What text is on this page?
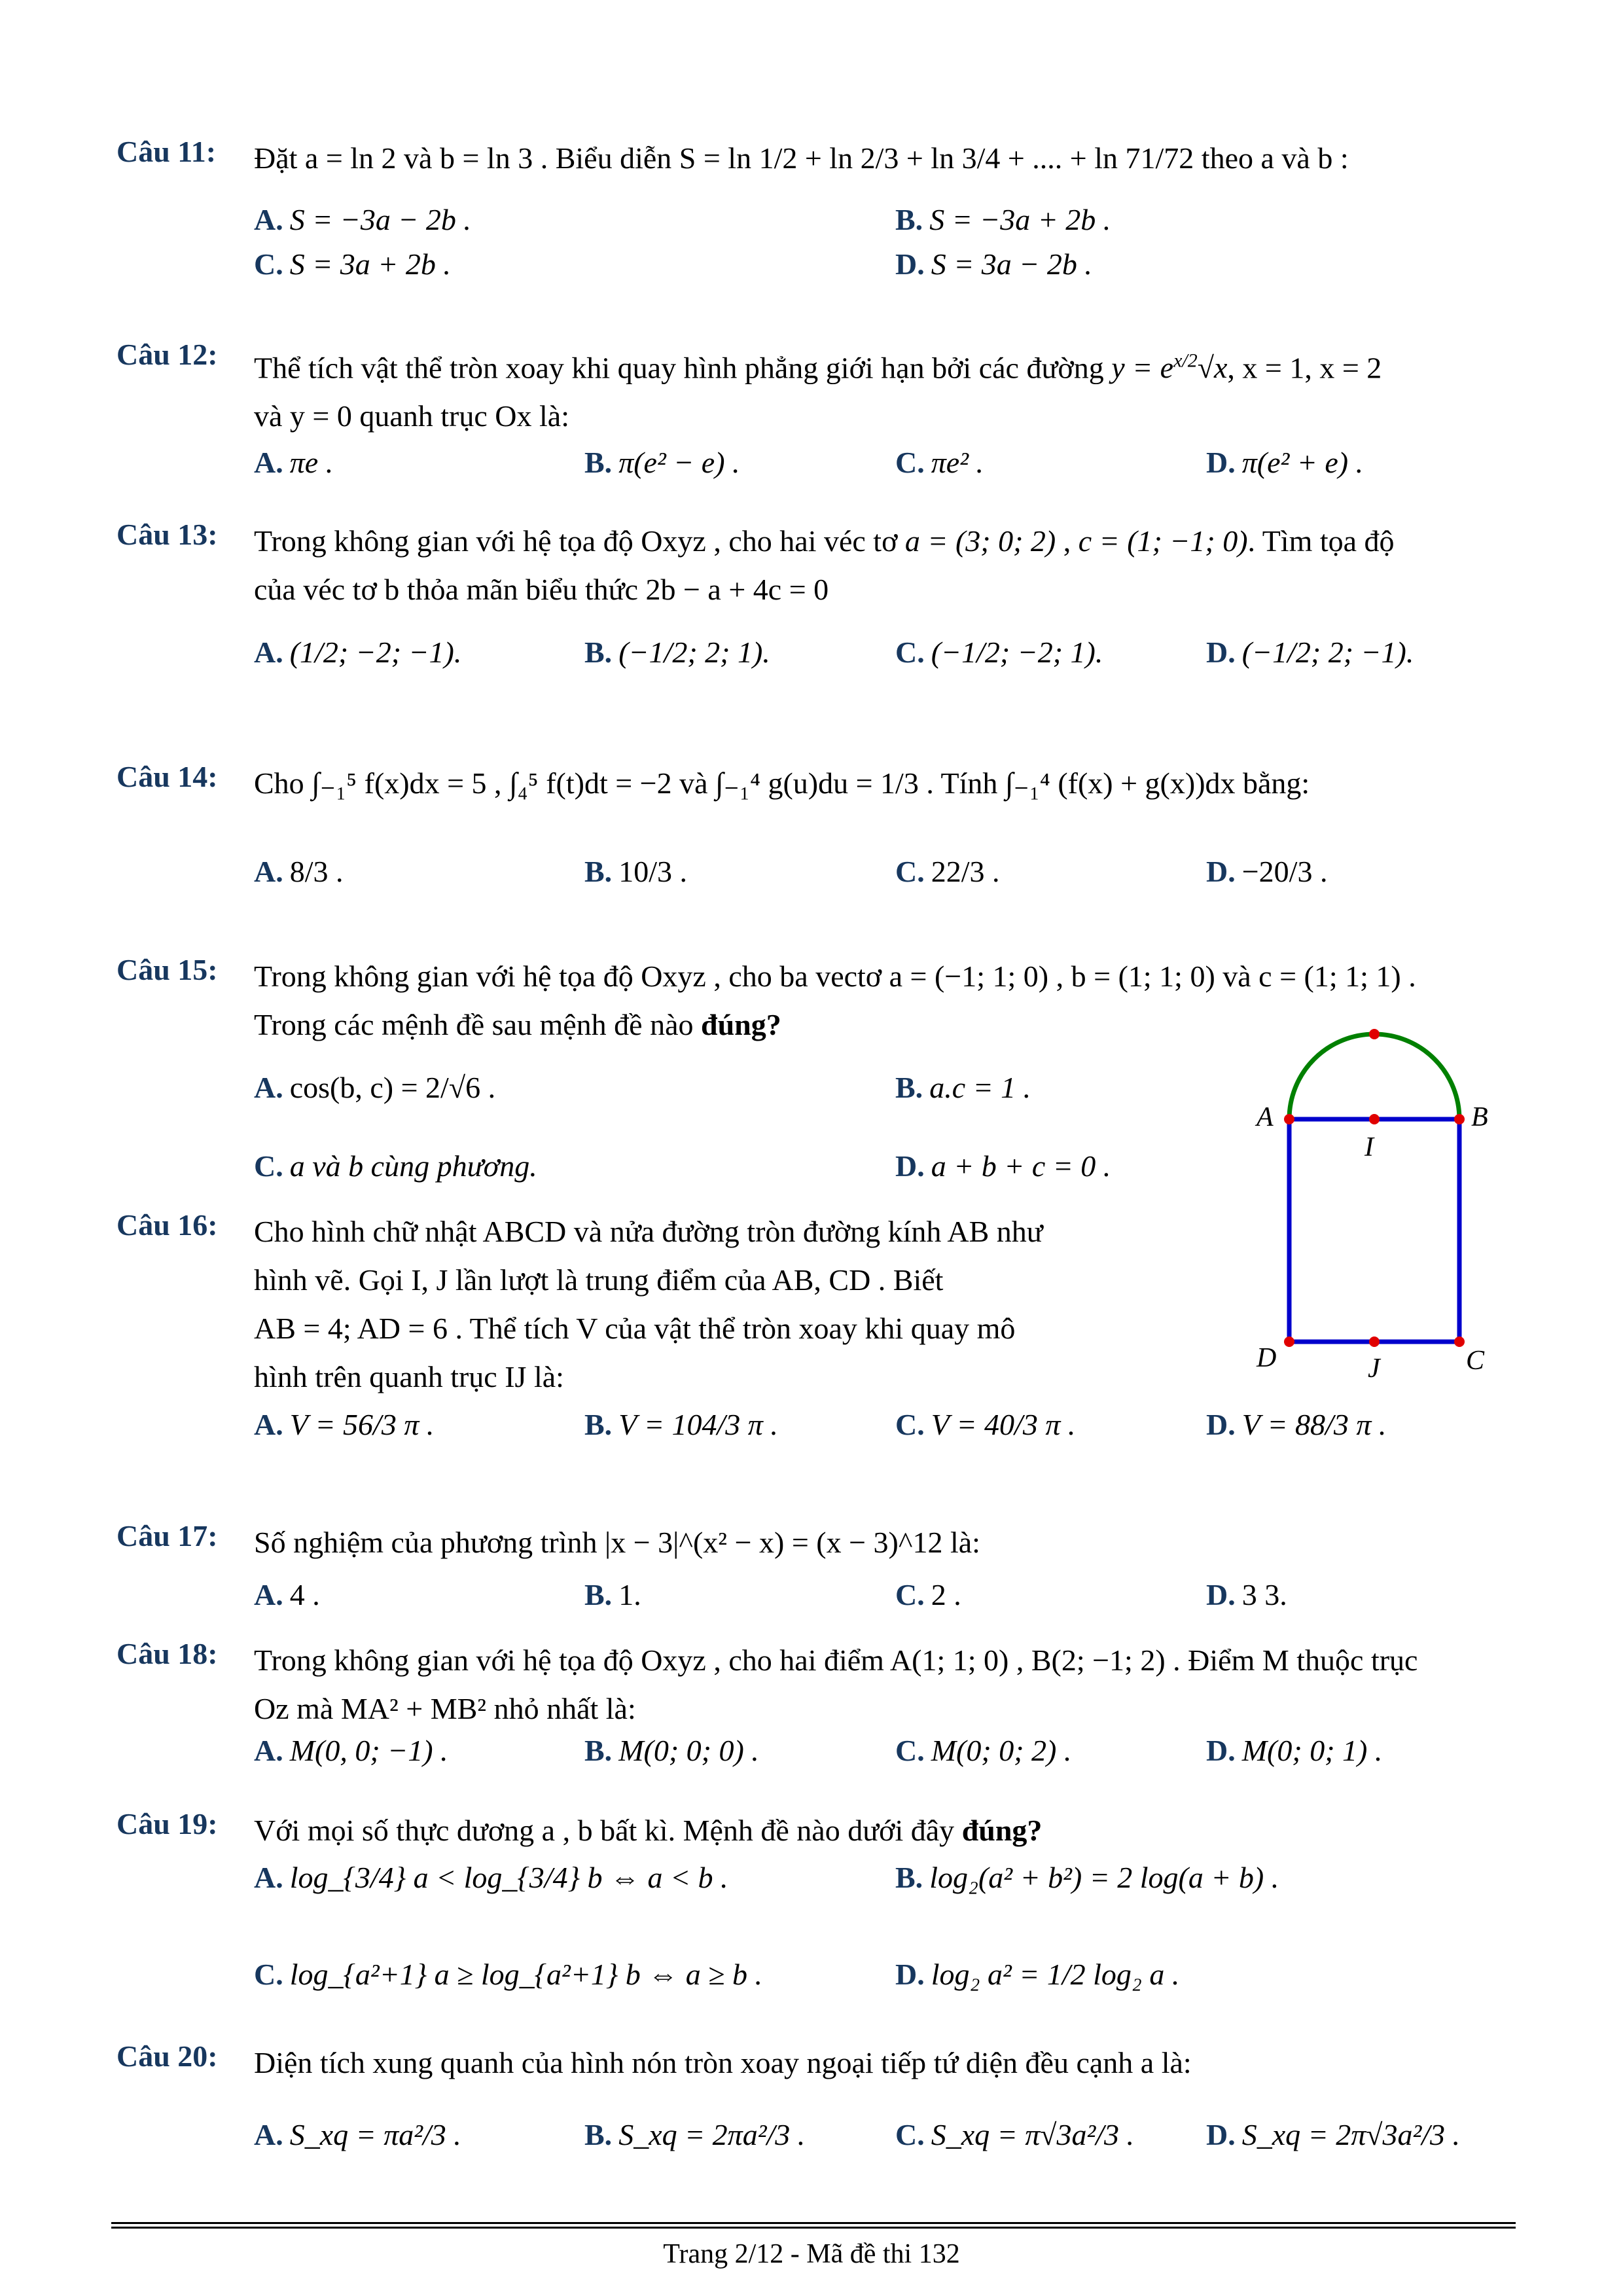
Câu 11: Đặt a = ln 2 và b = ln 3 . Biểu diễn S = ln 1/2 + ln 2/3 + ln 3/4 + .... + ln 71/72 theo a và b :
A. S = −3a − 2b .	B. S = −3a + 2b .
C. S = 3a + 2b .	D. S = 3a − 2b .
Câu 12: Thể tích vật thể tròn xoay khi quay hình phẳng giới hạn bởi các đường $y = e^{x/2}√x$, x = 1, x = 2
và y = 0 quanh trục Ox là:
A. πe .	B. π(e² − e) .	C. πe² .	D. π(e² + e) .
Câu 13: Trong không gian với hệ tọa độ Oxyz , cho hai véc tơ a = (3; 0; 2) , c = (1; −1; 0). Tìm tọa độ
của véc tơ b thỏa mãn biểu thức 2b − a + 4c = 0
A. (1/2; −2; −1).	B. (−1/2; 2; 1).	C. (−1/2; −2; 1).	D. (−1/2; 2; −1).
Câu 14: Cho ∫₋₁⁵ f(x)dx = 5 , ∫₄⁵ f(t)dt = −2 và ∫₋₁⁴ g(u)du = 1/3 . Tính ∫₋₁⁴ (f(x) + g(x))dx bằng:
A. 8/3 .	B. 10/3 .	C. 22/3 .	D. −20/3 .
Câu 15: Trong không gian với hệ tọa độ Oxyz , cho ba vectơ a = (−1; 1; 0) , b = (1; 1; 0) và c = (1; 1; 1) .
Trong các mệnh đề sau mệnh đề nào đúng?
A. cos(b, c) = 2/√6 .	B. a.c = 1 .
C. a và b cùng phương.	D. a + b + c = 0 .
Câu 16: Cho hình chữ nhật ABCD và nửa đường tròn đường kính AB như
hình vẽ. Gọi I, J lần lượt là trung điểm của AB, CD . Biết
AB = 4; AD = 6 . Thể tích V của vật thể tròn xoay khi quay mô
hình trên quanh trục IJ là:
A. V = 56/3 π .	B. V = 104/3 π .	C. V = 40/3 π .	D. V = 88/3 π .
A	B
I
D	C
J
Câu 17: Số nghiệm của phương trình |x − 3|^(x² − x) = (x − 3)^12 là:
A. 4 .	B. 1.	C. 2 .	D. 3 3.
Câu 18: Trong không gian với hệ tọa độ Oxyz , cho hai điểm A(1; 1; 0) , B(2; −1; 2) . Điểm M thuộc trục
Oz mà MA² + MB² nhỏ nhất là:
A. M(0, 0; −1) .	B. M(0; 0; 0) .	C. M(0; 0; 2) .	D. M(0; 0; 1) .
Câu 19: Với mọi số thực dương a , b bất kì. Mệnh đề nào dưới đây đúng?
A. log_{3/4} a < log_{3/4} b ⇔ a < b .	B. log₂(a² + b²) = 2 log(a + b) .
C. log_{a²+1} a ≥ log_{a²+1} b ⇔ a ≥ b .	D. log₂ a² = 1/2 log₂ a .
Câu 20: Diện tích xung quanh của hình nón tròn xoay ngoại tiếp tứ diện đều cạnh a là:
A. S_xq = πa²/3 .	B. S_xq = 2πa²/3 .	C. S_xq = π√3a²/3 . D. S_xq = 2π√3a²/3 .
Trang 2/12 - Mã đề thi 132
